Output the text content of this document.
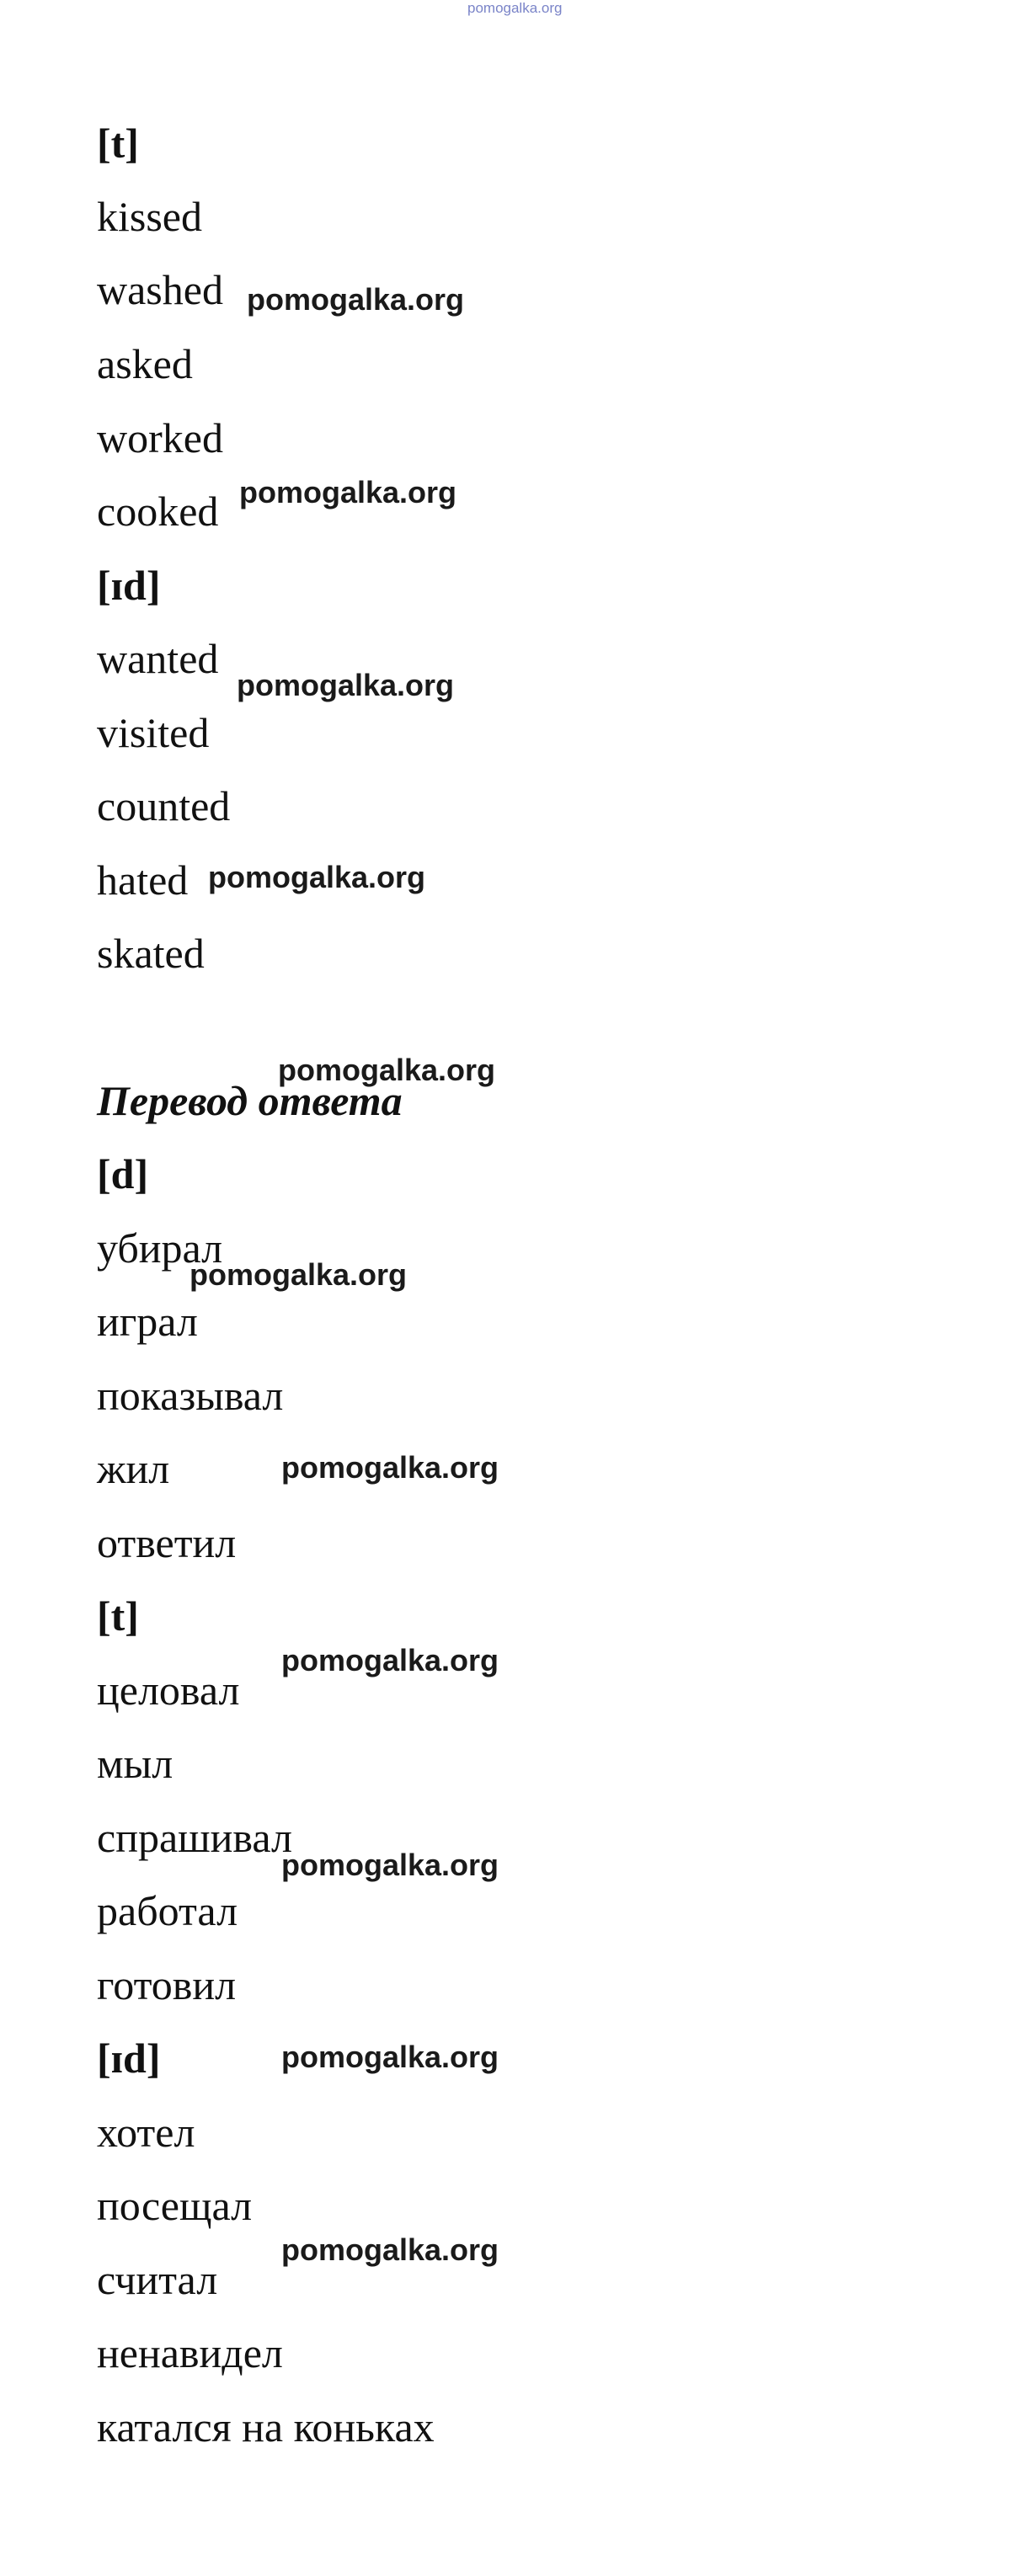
pomogalka.org
[t]
kissed
washed
asked
worked
cooked
[ɪd]
wanted
visited
counted
hated
skated
Перевод ответа
[d]
убирал
играл
показывал
жил
ответил
[t]
целовал
мыл
спрашивал
работал
готовил
[ɪd]
хотел
посещал
считал
ненавидел
катался на коньках
pomogalka.org
pomogalka.org
pomogalka.org
pomogalka.org
pomogalka.org
pomogalka.org
pomogalka.org
pomogalka.org
pomogalka.org
pomogalka.org
pomogalka.org
